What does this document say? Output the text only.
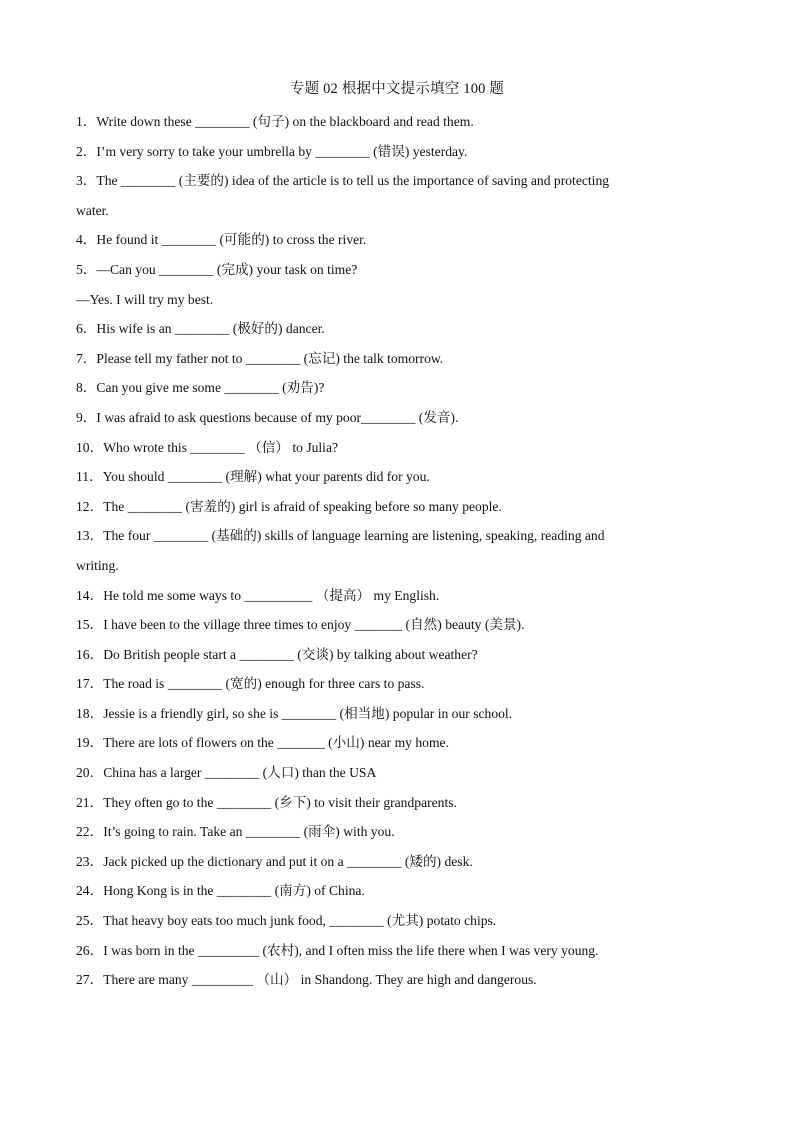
专题 02 根据中文提示填空 100 题
1．Write down these ________ (句子) on the blackboard and read them.
2．I’m very sorry to take your umbrella by ________ (错误) yesterday.
3．The ________ (主要的) idea of the article is to tell us the importance of saving and protecting
water.
4．He found it ________ (可能的) to cross the river.
5．—Can you ________ (完成) your task on time?
—Yes. I will try my best.
6．His wife is an ________ (极好的) dancer.
7．Please tell my father not to ________ (忘记) the talk tomorrow.
8．Can you give me some ________ (劝告)?
9．I was afraid to ask questions because of my poor________ (发音).
10．Who wrote this ________ （信） to Julia?
11．You should ________ (理解) what your parents did for you.
12．The ________ (害羞的) girl is afraid of speaking before so many people.
13．The four ________ (基础的) skills of language learning are listening, speaking, reading and
writing.
14．He told me some ways to __________ （提高） my English.
15．I have been to the village three times to enjoy _______ (自然) beauty (美景).
16．Do British people start a ________ (交谈) by talking about weather?
17．The road is ________ (宽的) enough for three cars to pass.
18．Jessie is a friendly girl, so she is ________ (相当地) popular in our school.
19．There are lots of flowers on the _______ (小山) near my home.
20．China has a larger ________ (人口) than the USA
21．They often go to the ________ (乡下) to visit their grandparents.
22．It’s going to rain. Take an ________ (雨伞) with you.
23．Jack picked up the dictionary and put it on a ________ (矮的) desk.
24．Hong Kong is in the ________ (南方) of China.
25．That heavy boy eats too much junk food, ________ (尤其) potato chips.
26．I was born in the _________ (农村), and I often miss the life there when I was very young.
27．There are many _________ （山） in Shandong. They are high and dangerous.
